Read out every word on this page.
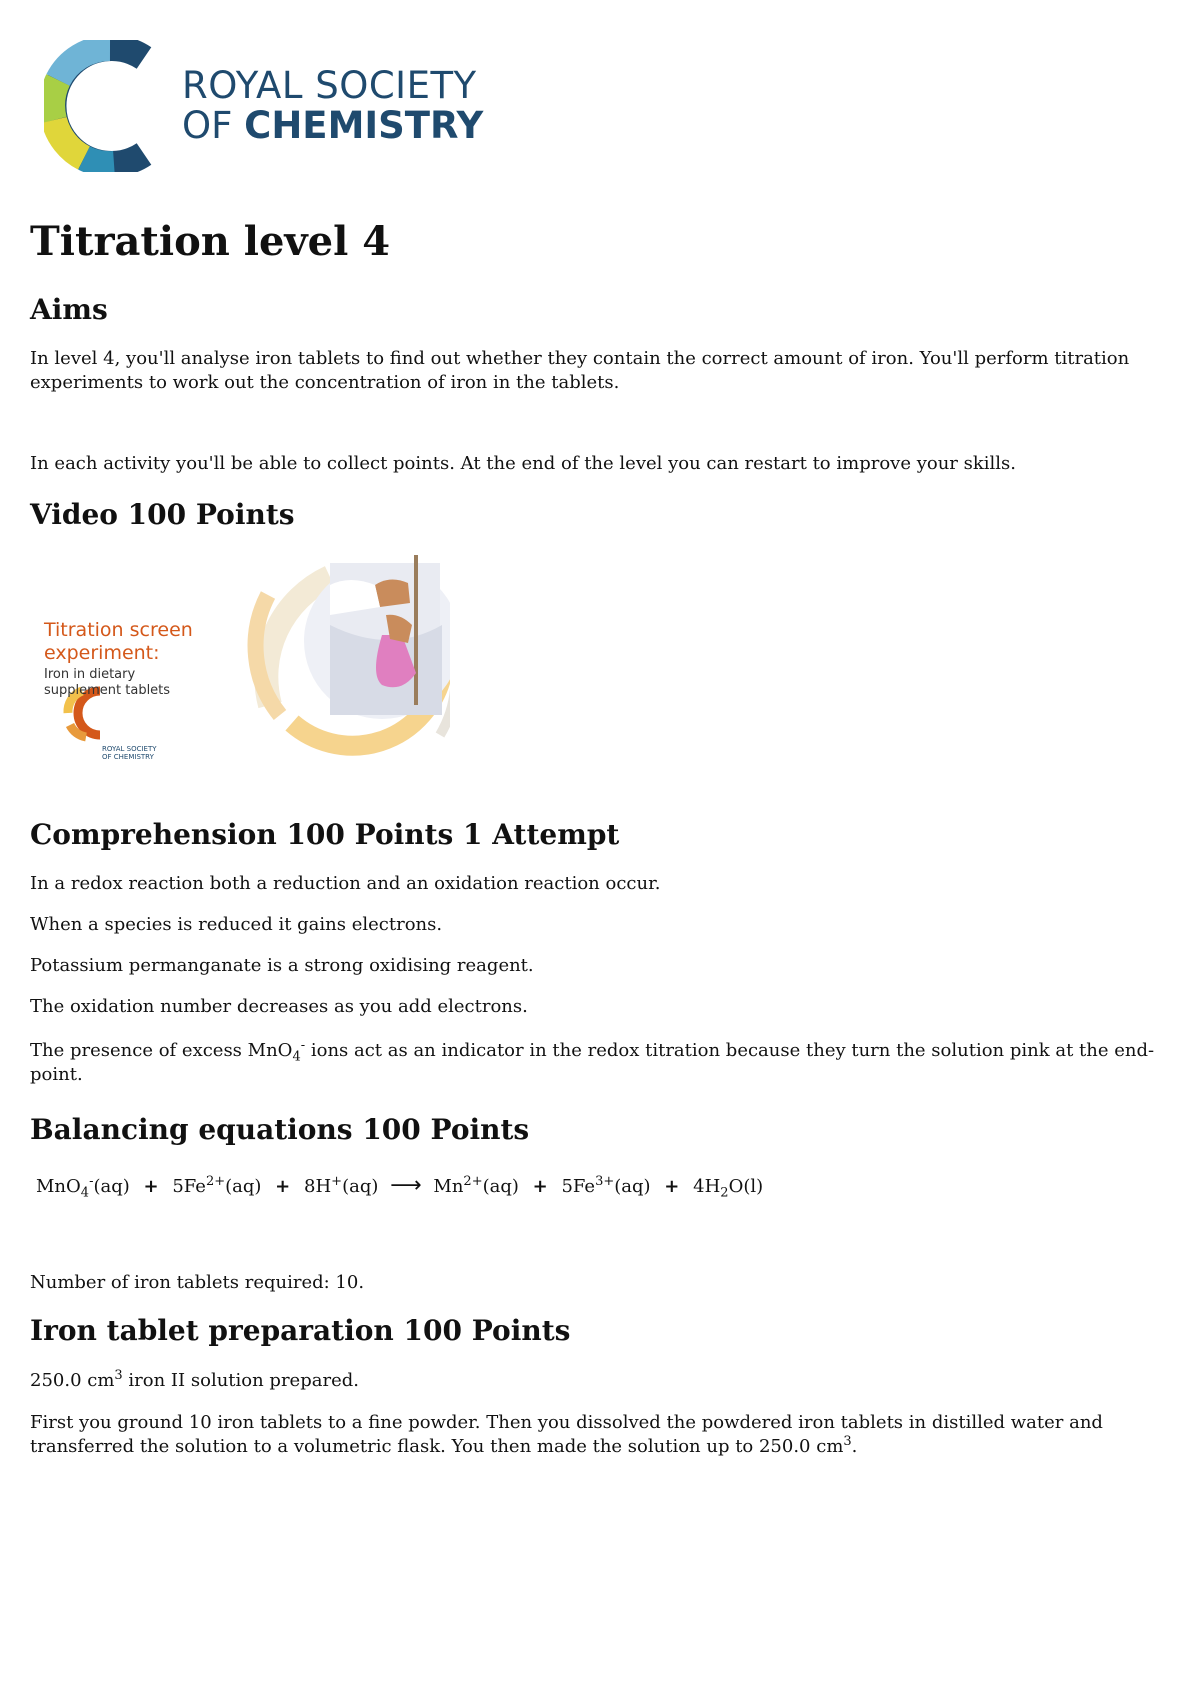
ROYAL SOCIETY
OF CHEMISTRY
Titration level 4
Aims

In level 4, you'll analyse iron tablets to find out whether they contain the correct amount of iron. You'll perform titration experiments to work out the concentration of iron in the tablets.

In each activity you'll be able to collect points. At the end of the level you can restart to improve your skills.

Video 100 Points
Titration screen
experiment:
Iron in dietary
supplement tablets
ROYAL SOCIETY
OF CHEMISTRY
Comprehension 100 Points 1 Attempt

In a redox reaction both a reduction and an oxidation reaction occur.

When a species is reduced it gains electrons.

Potassium permanganate is a strong oxidising reagent.

The oxidation number decreases as you add electrons.

The presence of excess MnO$_4$- ions act as an indicator in the redox titration because they turn the solution pink at the end-point.

Balancing equations 100 Points
$MnO_4^-(aq) + 5Fe^{2+}(aq) + 8H^+(aq)$ ⟶ $Mn^{2+}(aq) + 5Fe^{3+}(aq) + 4H_2O(l)$

Number of iron tablets required: 10.

Iron tablet preparation 100 Points

250.0 $cm^3$ iron II solution prepared.

First you ground 10 iron tablets to a fine powder. Then you dissolved the powdered iron tablets in distilled water and transferred the solution to a volumetric flask. You then made the solution up to 250.0 $cm^3$.
